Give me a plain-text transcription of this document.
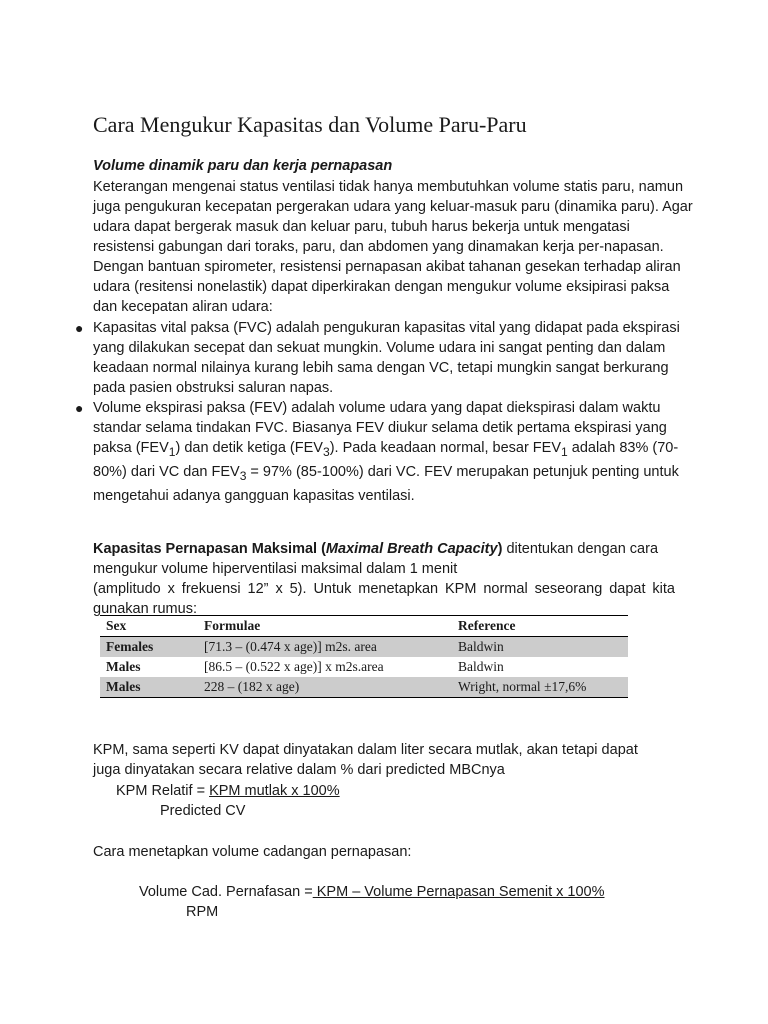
Cara Mengukur Kapasitas dan Volume Paru-Paru

Volume dinamik paru dan kerja pernapasan

Keterangan mengenai status ventilasi tidak hanya membutuhkan volume statis paru, namun juga pengukuran kecepatan pergerakan udara yang keluar-masuk paru (dinamika paru). Agar udara dapat bergerak masuk dan keluar paru, tubuh harus bekerja untuk mengatasi resistensi gabungan dari toraks, paru, dan abdomen yang dinamakan kerja per-napasan. Dengan bantuan spirometer, resistensi pernapasan akibat tahanan gesekan terhadap aliran udara (resitensi nonelastik) dapat diperkirakan dengan mengukur volume eksipirasi paksa dan kecepatan aliran udara:

● Kapasitas vital paksa (FVC) adalah pengukuran kapasitas vital yang didapat pada ekspirasi yang dilakukan secepat dan sekuat mungkin. Volume udara ini sangat penting dan dalam keadaan normal nilainya kurang lebih sama dengan VC, tetapi mungkin sangat berkurang pada pasien obstruksi saluran napas.
● Volume ekspirasi paksa (FEV) adalah volume udara yang dapat diekspirasi dalam waktu standar selama tindakan FVC. Biasanya FEV diukur selama detik pertama ekspirasi yang paksa $(FEV_1)$ dan detik ketiga $(FEV_3)$. Pada keadaan normal, besar $FEV_1$ adalah 83% (70-80%) dari VC dan $FEV_3 = 97\%$ (85-100%) dari VC. FEV merupakan petunjuk penting untuk mengetahui adanya gangguan kapasitas ventilasi.

Kapasitas Pernapasan Maksimal (Maximal Breath Capacity) ditentukan dengan cara mengukur volume hiperventilasi maksimal dalam 1 menit

(amplitudo x frekuensi 12” x 5). Untuk menetapkan KPM normal seseorang dapat kita
gunakan rumus:

Sex	Formulae	Reference
Females	[71.3 – (0.474 x age)] m2s. area	Baldwin
Males	[86.5 – (0.522 x age)] x m2s.area	Baldwin
Males	228 – (182 x age)	Wright, normal ±17,6%
KPM, sama seperti KV dapat dinyatakan dalam liter secara mutlak, akan tetapi dapat
juga dinyatakan secara relative dalam % dari predicted MBCnya
KPM Relatif = KPM mutlak x 100%
Predicted CV
Cara menetapkan volume cadangan pernapasan:
Volume Cad. Pernafasan = KPM – Volume Pernapasan Semenit x 100%
RPM
